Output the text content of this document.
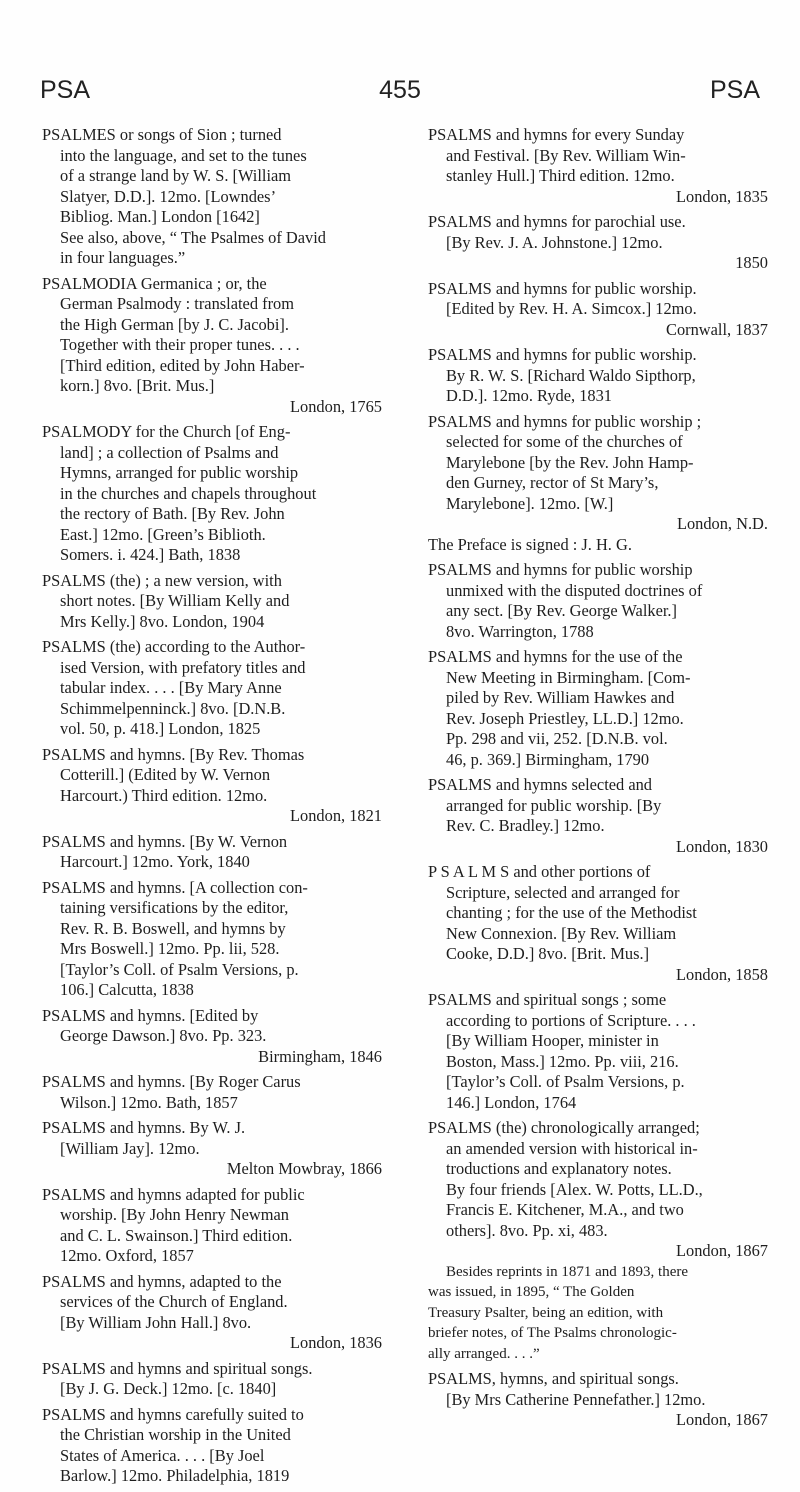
PSA	455	PSA
PSALMES or songs of Sion ; turned
into the language, and set to the tunes
of a strange land by W. S. [William
Slatyer, D.D.]. 12mo. [Lowndes’
Bibliog. Man.] London [1642]
See also, above, “ The Psalmes of David
in four languages.”
PSALMODIA Germanica ; or, the
German Psalmody : translated from
the High German [by J. C. Jacobi].
Together with their proper tunes. . . .
[Third edition, edited by John Haber-
korn.] 8vo. [Brit. Mus.]
London, 1765
PSALMODY for the Church [of Eng-
land] ; a collection of Psalms and
Hymns, arranged for public worship
in the churches and chapels throughout
the rectory of Bath. [By Rev. John
East.] 12mo. [Green’s Biblioth.
Somers. i. 424.] Bath, 1838
PSALMS (the) ; a new version, with
short notes. [By William Kelly and
Mrs Kelly.] 8vo. London, 1904
PSALMS (the) according to the Author-
ised Version, with prefatory titles and
tabular index. . . . [By Mary Anne
Schimmelpenninck.] 8vo. [D.N.B.
vol. 50, p. 418.] London, 1825
PSALMS and hymns. [By Rev. Thomas
Cotterill.] (Edited by W. Vernon
Harcourt.) Third edition. 12mo.
London, 1821
PSALMS and hymns. [By W. Vernon
Harcourt.] 12mo. York, 1840
PSALMS and hymns. [A collection con-
taining versifications by the editor,
Rev. R. B. Boswell, and hymns by
Mrs Boswell.] 12mo. Pp. lii, 528.
[Taylor’s Coll. of Psalm Versions, p.
106.] Calcutta, 1838
PSALMS and hymns. [Edited by
George Dawson.] 8vo. Pp. 323.
Birmingham, 1846
PSALMS and hymns. [By Roger Carus
Wilson.] 12mo. Bath, 1857
PSALMS and hymns. By W. J.
[William Jay]. 12mo.
Melton Mowbray, 1866
PSALMS and hymns adapted for public
worship. [By John Henry Newman
and C. L. Swainson.] Third edition.
12mo. Oxford, 1857
PSALMS and hymns, adapted to the
services of the Church of England.
[By William John Hall.] 8vo.
London, 1836
PSALMS and hymns and spiritual songs.
[By J. G. Deck.] 12mo. [c. 1840]
PSALMS and hymns carefully suited to
the Christian worship in the United
States of America. . . . [By Joel
Barlow.] 12mo. Philadelphia, 1819
PSALMS and hymns for every Sunday
and Festival. [By Rev. William Win-
stanley Hull.] Third edition. 12mo.
London, 1835
PSALMS and hymns for parochial use.
[By Rev. J. A. Johnstone.] 12mo.
1850
PSALMS and hymns for public worship.
[Edited by Rev. H. A. Simcox.] 12mo.
Cornwall, 1837
PSALMS and hymns for public worship.
By R. W. S. [Richard Waldo Sipthorp,
D.D.]. 12mo. Ryde, 1831
PSALMS and hymns for public worship ;
selected for some of the churches of
Marylebone [by the Rev. John Hamp-
den Gurney, rector of St Mary’s,
Marylebone]. 12mo. [W.]
London, N.D.
The Preface is signed : J. H. G.
PSALMS and hymns for public worship
unmixed with the disputed doctrines of
any sect. [By Rev. George Walker.]
8vo. Warrington, 1788
PSALMS and hymns for the use of the
New Meeting in Birmingham. [Com-
piled by Rev. William Hawkes and
Rev. Joseph Priestley, LL.D.] 12mo.
Pp. 298 and vii, 252. [D.N.B. vol.
46, p. 369.] Birmingham, 1790
PSALMS and hymns selected and
arranged for public worship. [By
Rev. C. Bradley.] 12mo.
London, 1830
P S A L M S and other portions of
Scripture, selected and arranged for
chanting ; for the use of the Methodist
New Connexion. [By Rev. William
Cooke, D.D.] 8vo. [Brit. Mus.]
London, 1858
PSALMS and spiritual songs ; some
according to portions of Scripture. . . .
[By William Hooper, minister in
Boston, Mass.] 12mo. Pp. viii, 216.
[Taylor’s Coll. of Psalm Versions, p.
146.] London, 1764
PSALMS (the) chronologically arranged;
an amended version with historical in-
troductions and explanatory notes.
By four friends [Alex. W. Potts, LL.D.,
Francis E. Kitchener, M.A., and two
others]. 8vo. Pp. xi, 483.
London, 1867
Besides reprints in 1871 and 1893, there
was issued, in 1895, “ The Golden
Treasury Psalter, being an edition, with
briefer notes, of The Psalms chronologic-
ally arranged. . . .”
PSALMS, hymns, and spiritual songs.
[By Mrs Catherine Pennefather.] 12mo.
London, 1867
